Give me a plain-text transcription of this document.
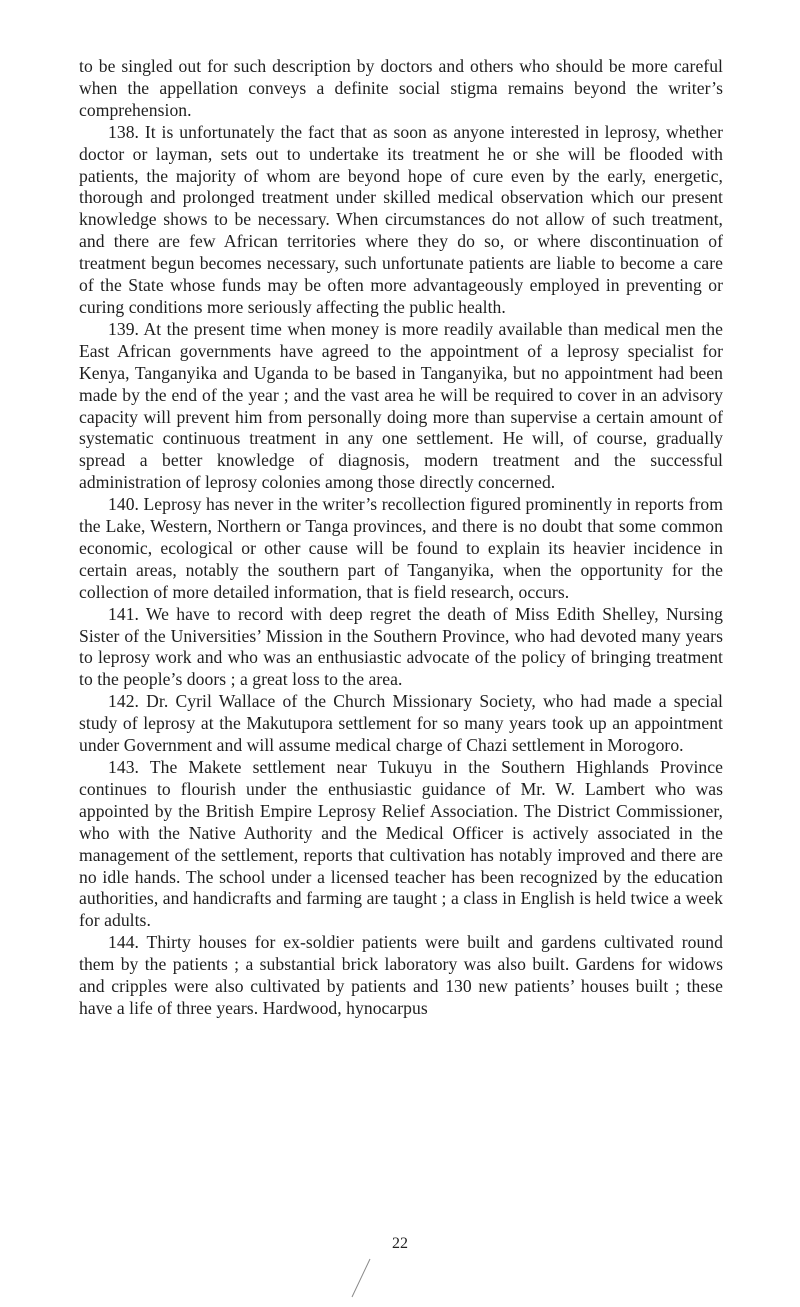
to be singled out for such description by doctors and others who should be more careful when the appellation conveys a definite social stigma remains beyond the writer’s comprehension.

138. It is unfortunately the fact that as soon as anyone interested in leprosy, whether doctor or layman, sets out to undertake its treatment he or she will be flooded with patients, the majority of whom are beyond hope of cure even by the early, energetic, thorough and prolonged treatment under skilled medical observation which our present knowledge shows to be necessary. When circumstances do not allow of such treatment, and there are few African territories where they do so, or where discontinuation of treatment begun becomes necessary, such unfortunate patients are liable to become a care of the State whose funds may be often more advantageously employed in preventing or curing conditions more seriously affecting the public health.

139. At the present time when money is more readily available than medical men the East African governments have agreed to the appointment of a leprosy specialist for Kenya, Tanganyika and Uganda to be based in Tanganyika, but no appointment had been made by the end of the year ; and the vast area he will be required to cover in an advisory capacity will prevent him from personally doing more than supervise a certain amount of systematic continuous treatment in any one settlement. He will, of course, gradually spread a better knowledge of diagnosis, modern treatment and the successful administration of leprosy colonies among those directly concerned.

140. Leprosy has never in the writer’s recollection figured prominently in reports from the Lake, Western, Northern or Tanga provinces, and there is no doubt that some common economic, ecological or other cause will be found to explain its heavier incidence in certain areas, notably the southern part of Tanganyika, when the opportunity for the collection of more detailed information, that is field research, occurs.

141. We have to record with deep regret the death of Miss Edith Shelley, Nursing Sister of the Universities’ Mission in the Southern Province, who had devoted many years to leprosy work and who was an enthusiastic advocate of the policy of bringing treatment to the people’s doors ; a great loss to the area.

142. Dr. Cyril Wallace of the Church Missionary Society, who had made a special study of leprosy at the Makutupora settlement for so many years took up an appointment under Government and will assume medical charge of Chazi settlement in Morogoro.

143. The Makete settlement near Tukuyu in the Southern Highlands Province continues to flourish under the enthusiastic guidance of Mr. W. Lambert who was appointed by the British Empire Leprosy Relief Association. The District Commissioner, who with the Native Authority and the Medical Officer is actively associated in the management of the settlement, reports that cultivation has notably improved and there are no idle hands. The school under a licensed teacher has been recognized by the education authorities, and handicrafts and farming are taught ; a class in English is held twice a week for adults.

144. Thirty houses for ex-soldier patients were built and gardens cultivated round them by the patients ; a substantial brick laboratory was also built. Gardens for widows and cripples were also cultivated by patients and 130 new patients’ houses built ; these have a life of three years. Hardwood, hynocarpus

22
